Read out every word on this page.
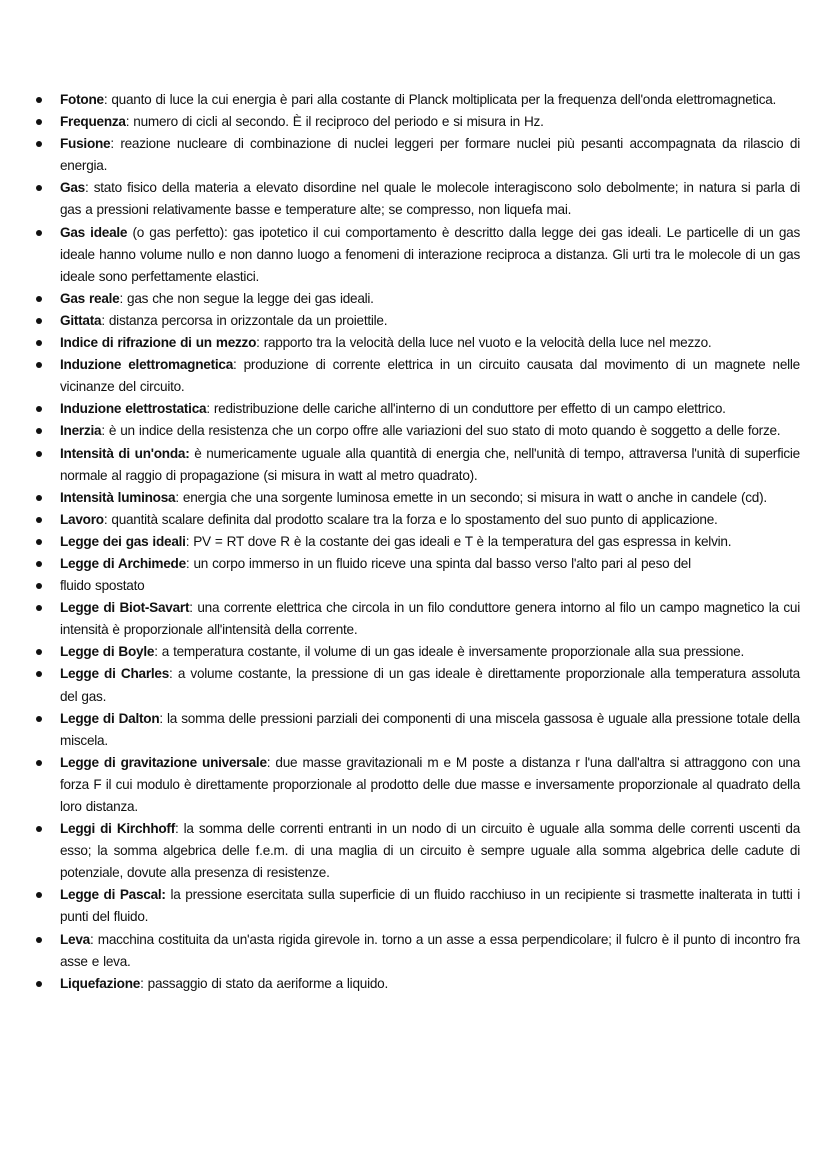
Fotone: quanto di luce la cui energia è pari alla costante di Planck moltiplicata per la frequenza dell'onda elettromagnetica.
Frequenza: numero di cicli al secondo. È il reciproco del periodo e si misura in Hz.
Fusione: reazione nucleare di combinazione di nuclei leggeri per formare nuclei più pesanti accompagnata da rilascio di energia.
Gas: stato fisico della materia a elevato disordine nel quale le molecole interagiscono solo debolmente; in natura si parla di gas a pressioni relativamente basse e temperature alte; se compresso, non liquefa mai.
Gas ideale (o gas perfetto): gas ipotetico il cui comportamento è descritto dalla legge dei gas ideali. Le particelle di un gas ideale hanno volume nullo e non danno luogo a fenomeni di interazione reciproca a distanza. Gli urti tra le molecole di un gas ideale sono perfettamente elastici.
Gas reale: gas che non segue la legge dei gas ideali.
Gittata: distanza percorsa in orizzontale da un proiettile.
Indice di rifrazione di un mezzo: rapporto tra la velocità della luce nel vuoto e la velocità della luce nel mezzo.
Induzione elettromagnetica: produzione di corrente elettrica in un circuito causata dal movimento di un magnete nelle vicinanze del circuito.
Induzione elettrostatica: redistribuzione delle cariche all'interno di un conduttore per effetto di un campo elettrico.
Inerzia: è un indice della resistenza che un corpo offre alle variazioni del suo stato di moto quando è soggetto a delle forze.
Intensità di un'onda: è numericamente uguale alla quantità di energia che, nell'unità di tempo, attraversa l'unità di superficie normale al raggio di propagazione (si misura in watt al metro quadrato).
Intensità luminosa: energia che una sorgente luminosa emette in un secondo; si misura in watt o anche in candele (cd).
Lavoro: quantità scalare definita dal prodotto scalare tra la forza e lo spostamento del suo punto di applicazione.
Legge dei gas ideali: PV = RT dove R è la costante dei gas ideali e T è la temperatura del gas espressa in kelvin.
Legge di Archimede: un corpo immerso in un fluido riceve una spinta dal basso verso l'alto pari al peso del
fluido spostato
Legge di Biot-Savart: una corrente elettrica che circola in un filo conduttore genera intorno al filo un campo magnetico la cui intensità è proporzionale all'intensità della corrente.
Legge di Boyle: a temperatura costante, il volume di un gas ideale è inversamente proporzionale alla sua pressione.
Legge di Charles: a volume costante, la pressione di un gas ideale è direttamente proporzionale alla temperatura assoluta del gas.
Legge di Dalton: la somma delle pressioni parziali dei componenti di una miscela gassosa è uguale alla pressione totale della miscela.
Legge di gravitazione universale: due masse gravitazionali m e M poste a distanza r l'una dall'altra si attraggono con una forza F il cui modulo è direttamente proporzionale al prodotto delle due masse e inversamente proporzionale al quadrato della loro distanza.
Leggi di Kirchhoff: la somma delle correnti entranti in un nodo di un circuito è uguale alla somma delle correnti uscenti da esso; la somma algebrica delle f.e.m. di una maglia di un circuito è sempre uguale alla somma algebrica delle cadute di potenziale, dovute alla presenza di resistenze.
Legge di Pascal: la pressione esercitata sulla superficie di un fluido racchiuso in un recipiente si trasmette inalterata in tutti i punti del fluido.
Leva: macchina costituita da un'asta rigida girevole in. torno a un asse a essa perpendicolare; il fulcro è il punto di incontro fra asse e leva.
Liquefazione: passaggio di stato da aeriforme a liquido.
